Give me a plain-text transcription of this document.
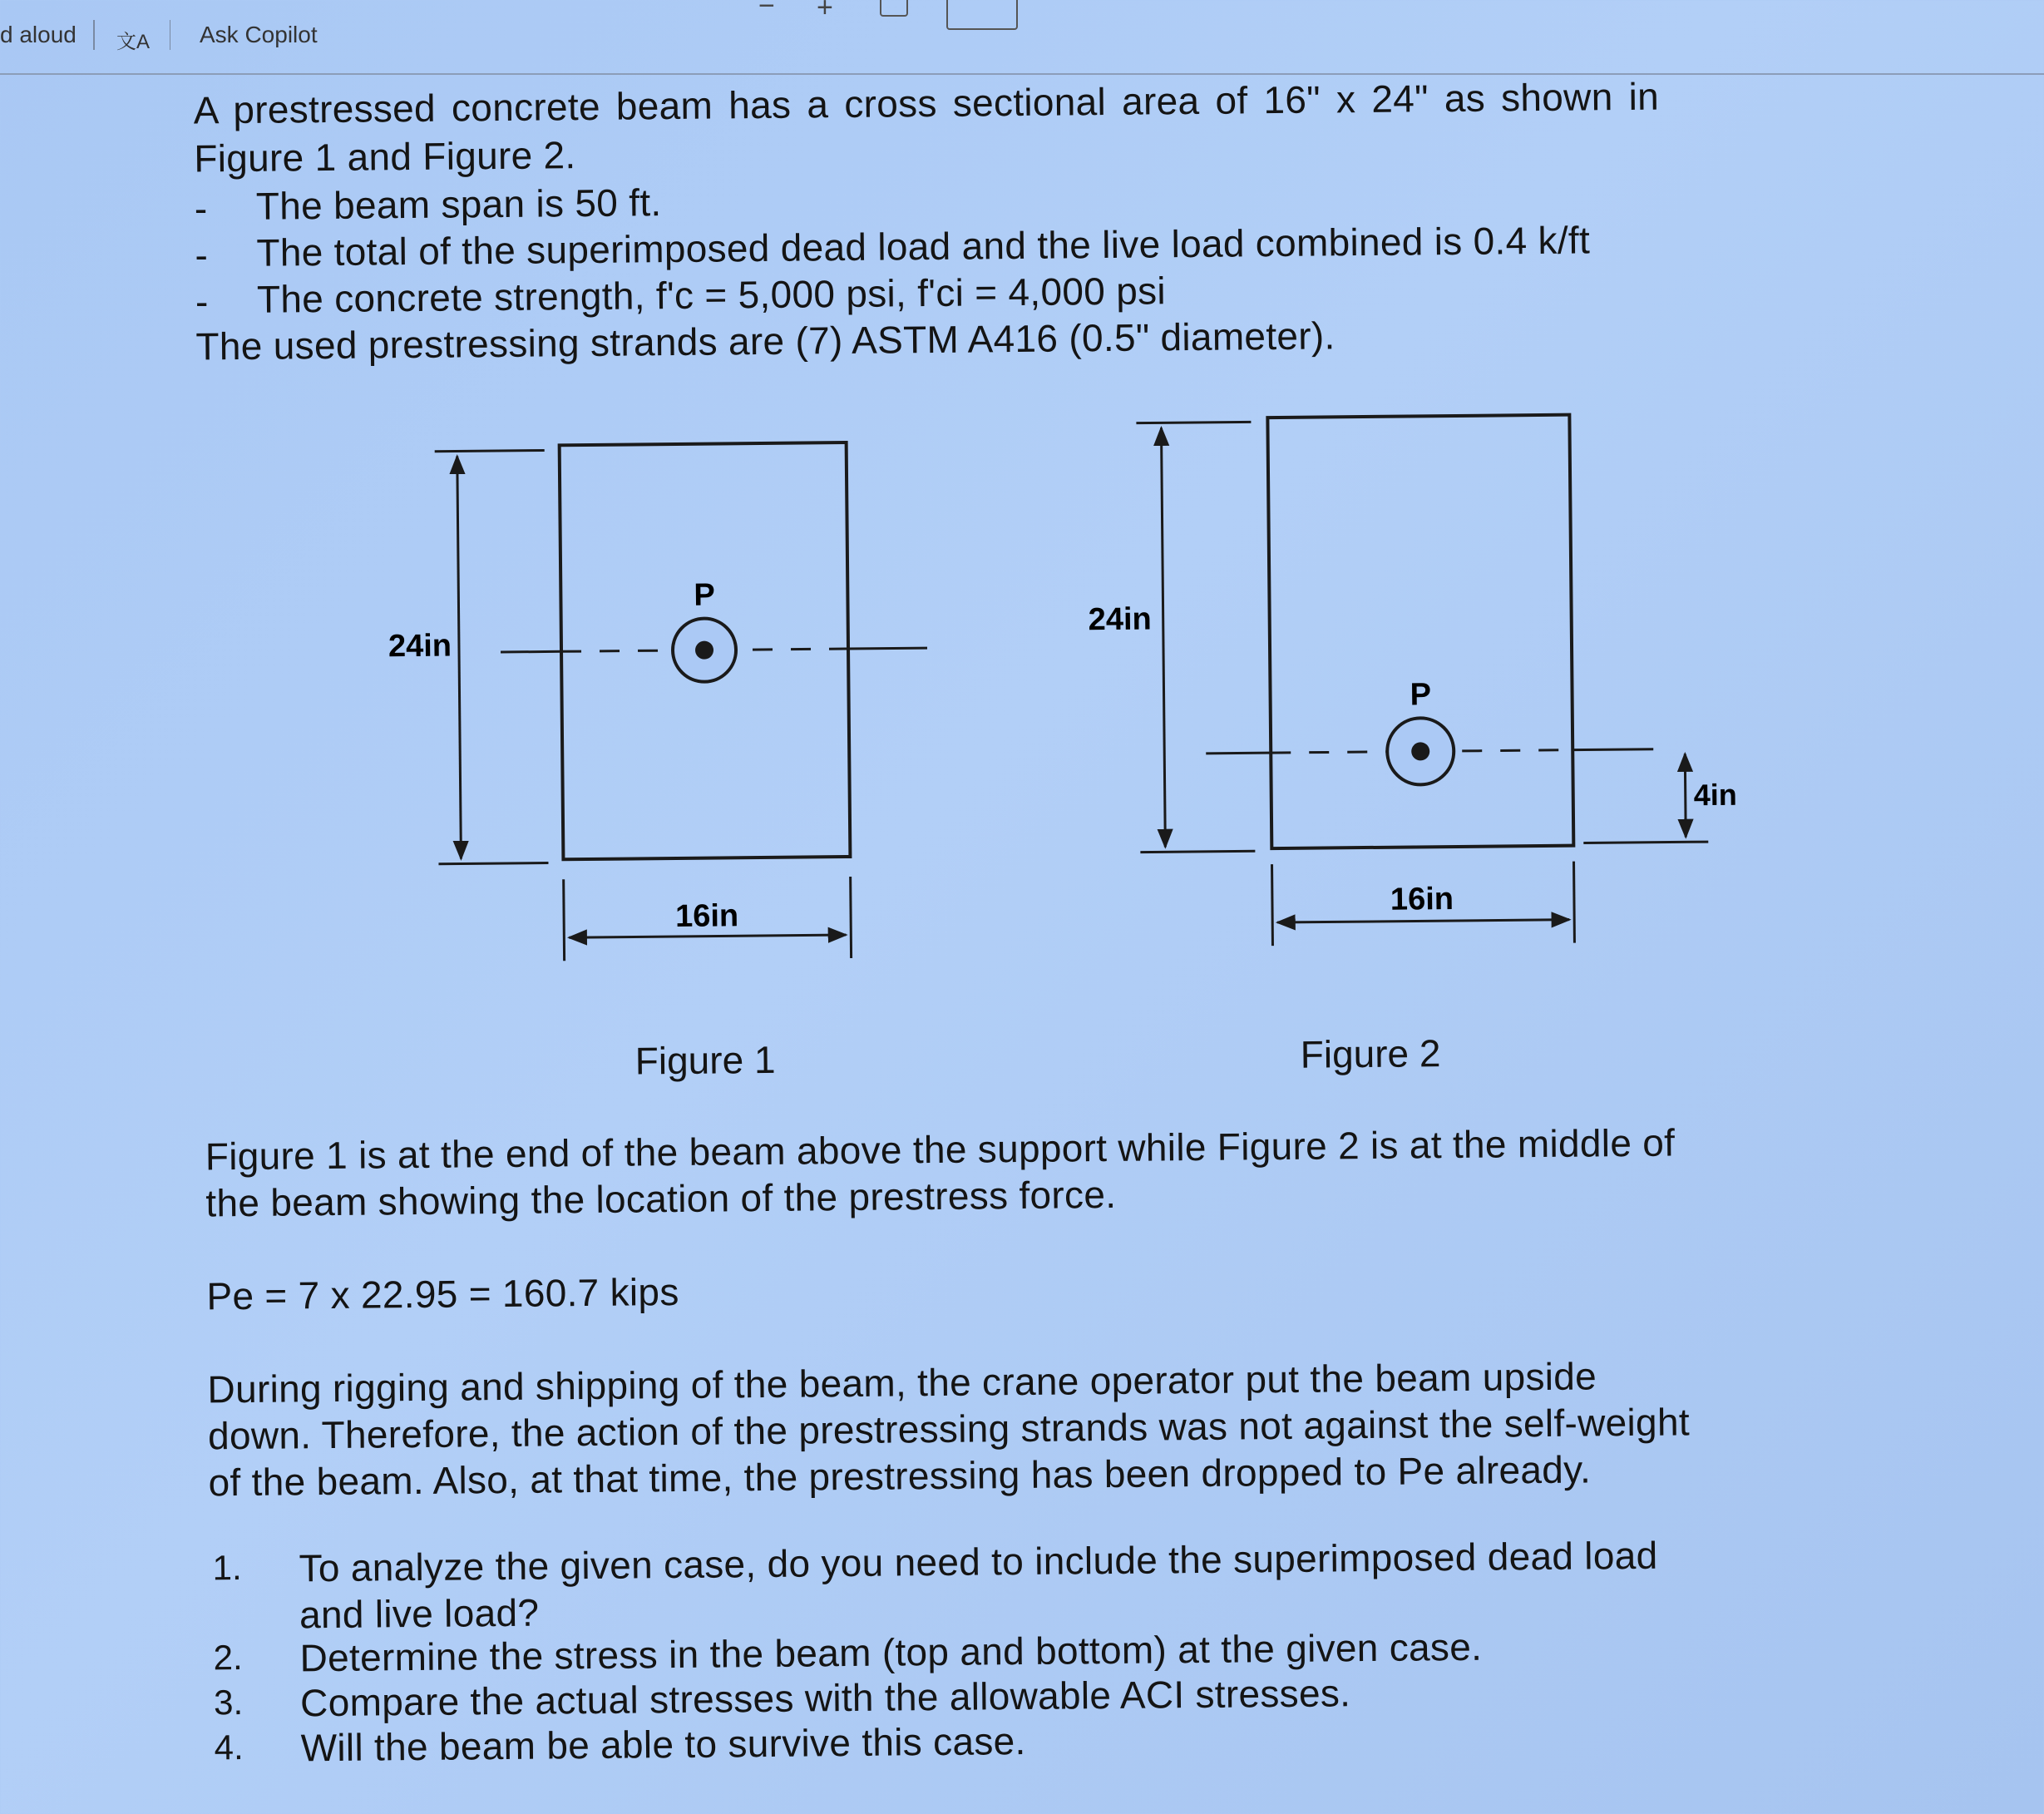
d aloud 文A Ask Copilot
− +
A prestressed concrete beam has a cross sectional area of 16" x 24" as shown in
Figure 1 and Figure 2.
- The beam span is 50 ft.
- The total of the superimposed dead load and the live load combined is 0.4 k/ft
- The concrete strength, f'c = 5,000 psi, f'ci = 4,000 psi
The used prestressing strands are (7) ASTM A416 (0.5" diameter).
24in
P
16in
24in
P
4in
16in
Figure 1	Figure 2
Figure 1 is at the end of the beam above the support while Figure 2 is at the middle of
the beam showing the location of the prestress force.
Pe = 7 x 22.95 = 160.7 kips
During rigging and shipping of the beam, the crane operator put the beam upside
down. Therefore, the action of the prestressing strands was not against the self-weight
of the beam. Also, at that time, the prestressing has been dropped to Pe already.
1. To analyze the given case, do you need to include the superimposed dead load
and live load?
2. Determine the stress in the beam (top and bottom) at the given case.
3. Compare the actual stresses with the allowable ACI stresses.
4. Will the beam be able to survive this case.
